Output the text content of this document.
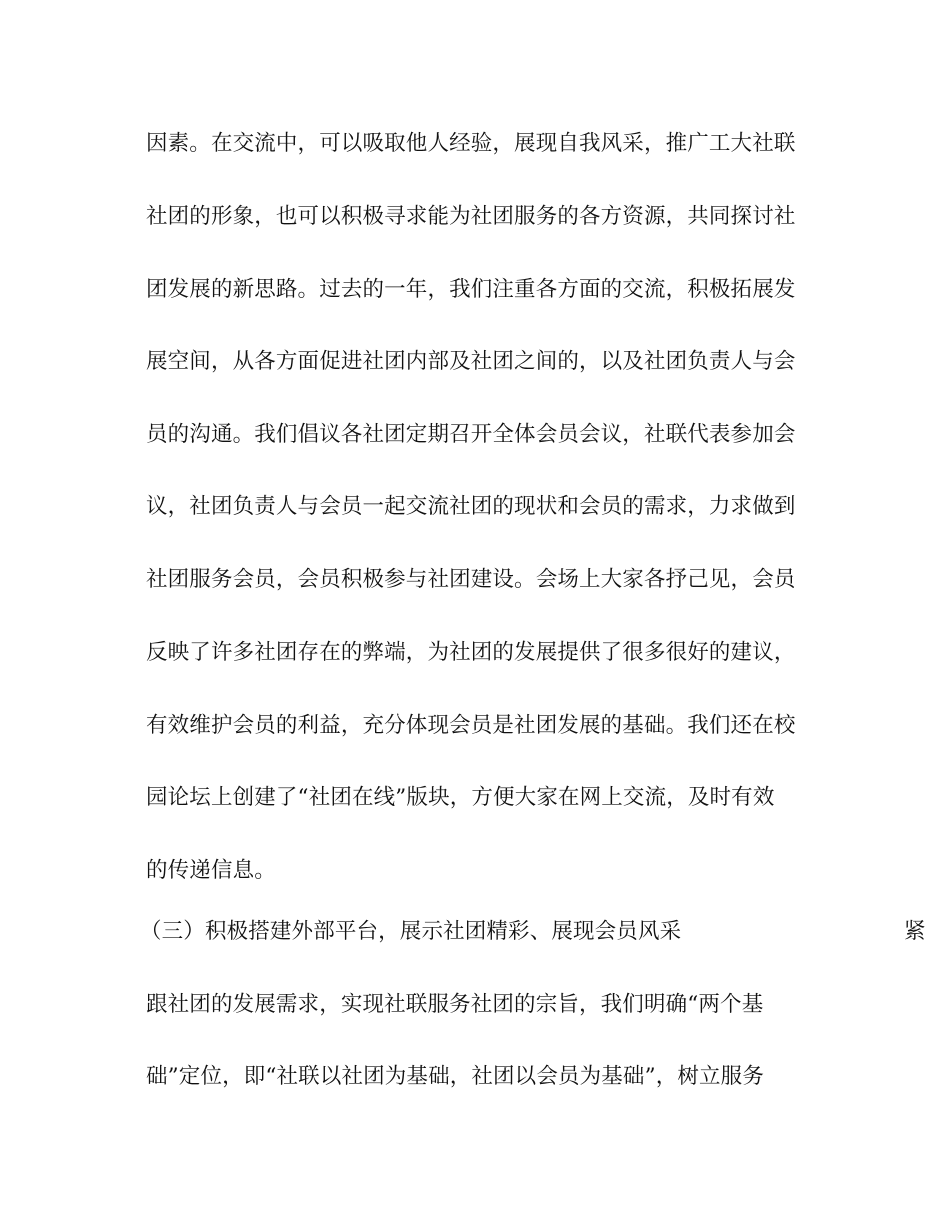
因素。在交流中，可以吸取他人经验，展现自我风采，推广工大社联
社团的形象，也可以积极寻求能为社团服务的各方资源，共同探讨社
团发展的新思路。过去的一年，我们注重各方面的交流，积极拓展发
展空间，从各方面促进社团内部及社团之间的，以及社团负责人与会
员的沟通。我们倡议各社团定期召开全体会员会议，社联代表参加会
议，社团负责人与会员一起交流社团的现状和会员的需求，力求做到
社团服务会员，会员积极参与社团建设。会场上大家各抒己见，会员
反映了许多社团存在的弊端，为社团的发展提供了很多很好的建议，
有效维护会员的利益，充分体现会员是社团发展的基础。我们还在校
园论坛上创建了“社团在线”版块，方便大家在网上交流，及时有效
的传递信息。
（三）积极搭建外部平台，展示社团精彩、展现会员风采	紧
跟社团的发展需求，实现社联服务社团的宗旨，我们明确“两个基
础”定位，即“社联以社团为基础，社团以会员为基础”，树立服务
